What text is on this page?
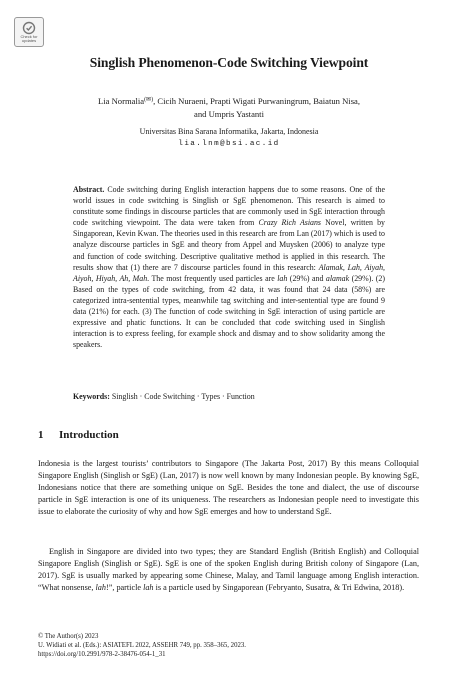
Check for
updates
Singlish Phenomenon-Code Switching Viewpoint
Lia Normalia(✉), Cicih Nuraeni, Prapti Wigati Purwaningrum, Baiatun Nisa,
and Umpris Yastanti
Universitas Bina Sarana Informatika, Jakarta, Indonesia
lia.lnm@bsi.ac.id

Abstract. Code switching during English interaction happens due to some reasons. One of the world issues in code switching is Singlish or SgE phenomenon. This research is aimed to constitute some findings in discourse particles that are commonly used in SgE interaction through code switching viewpoint. The data were taken from Crazy Rich Asians Novel, written by Singaporean, Kevin Kwan. The theories used in this research are from Lan (2017) which is used to analyze discourse particles in SgE and theory from Appel and Muysken (2006) to analyze type and function of code switching. Descriptive qualitative method is applied in this research. The results show that (1) there are 7 discourse particles found in this research: Alamak, Lah, Aiyah, Aiyoh, Hiyah, Ah, Mah. The most frequently used particles are lah (29%) and alamak (29%). (2) Based on the types of code switching, from 42 data, it was found that 24 data (58%) are categorized intra-sentential types, meanwhile tag switching and inter-sentential type are found 9 data (21%) for each. (3) The function of code switching in SgE interaction of using particle are expressive and phatic functions. It can be concluded that code switching used in Singlish interaction is to express feeling, for example shock and dismay and to show solidarity among the speakers.

Keywords: Singlish · Code Switching · Types · Function
1 Introduction

Indonesia is the largest tourists’ contributors to Singapore (The Jakarta Post, 2017) By this means Colloquial Singapore English (Singlish or SgE) (Lan, 2017) is now well known by many Indonesian people. By knowing SgE, Indonesians notice that there are something unique on SgE. Besides the tone and dialect, the use of discourse particle in SgE interaction is one of its uniqueness. The researchers as Indonesian people need to investigate this issue to elaborate the curiosity of why and how SgE emerges and how to understand SgE.

English in Singapore are divided into two types; they are Standard English (British English) and Colloquial Singapore English (Singlish or SgE). SgE is one of the spoken English during British colony of Singapore (Lan, 2017). SgE is usually marked by appearing some Chinese, Malay, and Tamil language among English interaction. “What nonsense, lah!”, particle lah is a particle used by Singaporean (Febryanto, Susatra, & Tri Edwina, 2018).

© The Author(s) 2023
U. Widiati et al. (Eds.): ASIATEFL 2022, ASSEHR 749, pp. 358–365, 2023.
https://doi.org/10.2991/978-2-38476-054-1_31
